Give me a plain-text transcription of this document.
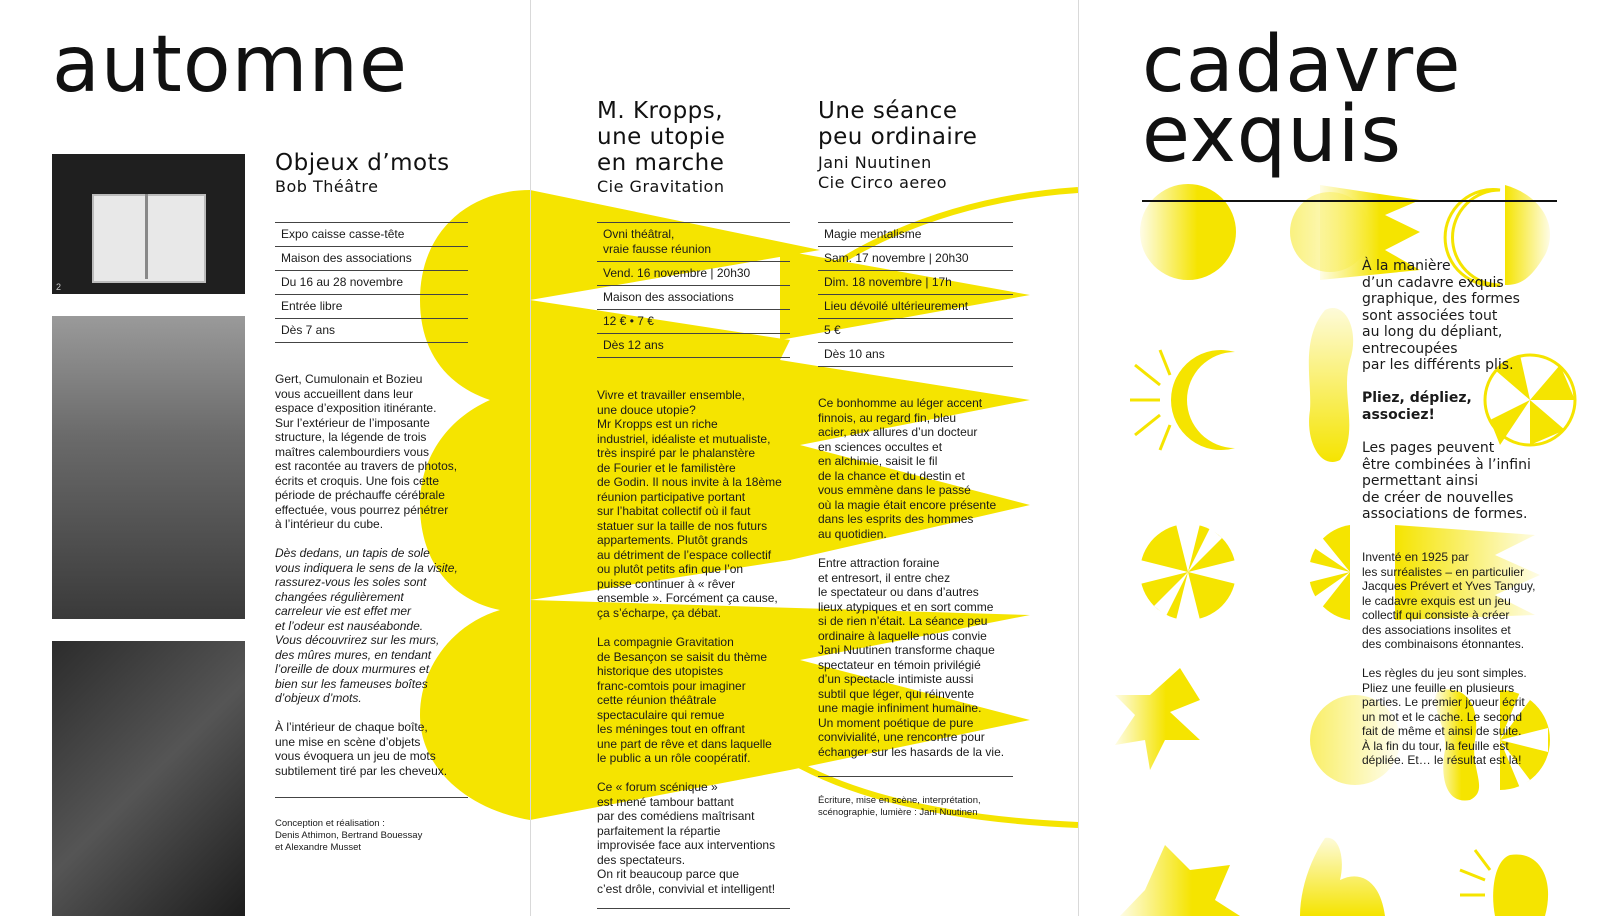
automne
2
Objeux d’mots
Bob Théâtre
Expo caisse casse-tête
Maison des associations
Du 16 au 28 novembre
Entrée libre
Dès 7 ans
Gert, Cumulonain et Bozieu
vous accueillent dans leur
espace d’exposition itinérante.
Sur l’extérieur de l’imposante
structure, la légende de trois
maîtres calembourdiers vous
est racontée au travers de photos,
écrits et croquis. Une fois cette
période de préchauffe cérébrale
effectuée, vous pourrez pénétrer
à l’intérieur du cube.
Dès dedans, un tapis de sole
vous indiquera le sens de la visite,
rassurez-vous les soles sont
changées régulièrement
carreleur vie est effet mer
et l’odeur est nauséabonde.
Vous découvrirez sur les murs,
des mûres mures, en tendant
l’oreille de doux murmures et
bien sur les fameuses boîtes
d’objeux d’mots.
À l’intérieur de chaque boîte,
une mise en scène d’objets
vous évoquera un jeu de mots
subtilement tiré par les cheveux.
Conception et réalisation :
Denis Athimon, Bertrand Bouessay
et Alexandre Musset
M. Kropps,
une utopie
en marche
Cie Gravitation
Ovni théâtral,
vraie fausse réunion
Vend. 16 novembre | 20h30
Maison des associations
12 € • 7 €
Dès 12 ans
Vivre et travailler ensemble,
une douce utopie?
Mr Kropps est un riche
industriel, idéaliste et mutualiste,
très inspiré par le phalanstère
de Fourier et le familistère
de Godin. Il nous invite à la 18ème
réunion participative portant
sur l’habitat collectif où il faut
statuer sur la taille de nos futurs
appartements. Plutôt grands
au détriment de l’espace collectif
ou plutôt petits afin que l’on
puisse continuer à « rêver
ensemble ». Forcément ça cause,
ça s’écharpe, ça débat.
La compagnie Gravitation
de Besançon se saisit du thème
historique des utopistes
franc-comtois pour imaginer
cette réunion théâtrale
spectaculaire qui remue
les méninges tout en offrant
une part de rêve et dans laquelle
le public a un rôle coopératif.
Ce « forum scénique »
est mené tambour battant
par des comédiens maîtrisant
parfaitement la répartie
improvisée face aux interventions
des spectateurs.
On rit beaucoup parce que
c’est drôle, convivial et intelligent!
Une séance
peu ordinaire
Jani Nuutinen
Cie Circo aereo
Magie mentalisme
Sam. 17 novembre | 20h30
Dim. 18 novembre | 17h
Lieu dévoilé ultérieurement
5 €
Dès 10 ans
Ce bonhomme au léger accent
finnois, au regard fin, bleu
acier, aux allures d’un docteur
en sciences occultes et
en alchimie, saisit le fil
de la chance et du destin et
vous emmène dans le passé
où la magie était encore présente
dans les esprits des hommes
au quotidien.
Entre attraction foraine
et entresort, il entre chez
le spectateur ou dans d’autres
lieux atypiques et en sort comme
si de rien n’était. La séance peu
ordinaire à laquelle nous convie
Jani Nuutinen transforme chaque
spectateur en témoin privilégié
d’un spectacle intimiste aussi
subtil que léger, qui réinvente
une magie infiniment humaine.
Un moment poétique de pure
convivialité, une rencontre pour
échanger sur les hasards de la vie.
Écriture, mise en scène, interprétation,
scénographie, lumière : Jani Nuutinen
cadavre
exquis
À la manière
d’un cadavre exquis
graphique, des formes
sont associées tout
au long du dépliant,
entrecoupées
par les différents plis.
Pliez, dépliez,
associez!
Les pages peuvent
être combinées à l’infini
permettant ainsi
de créer de nouvelles
associations de formes.
Inventé en 1925 par
les surréalistes – en particulier
Jacques Prévert et Yves Tanguy,
le cadavre exquis est un jeu
collectif qui consiste à créer
des associations insolites et
des combinaisons étonnantes.
Les règles du jeu sont simples.
Pliez une feuille en plusieurs
parties. Le premier joueur écrit
un mot et le cache. Le second
fait de même et ainsi de suite.
À la fin du tour, la feuille est
dépliée. Et… le résultat est là!
